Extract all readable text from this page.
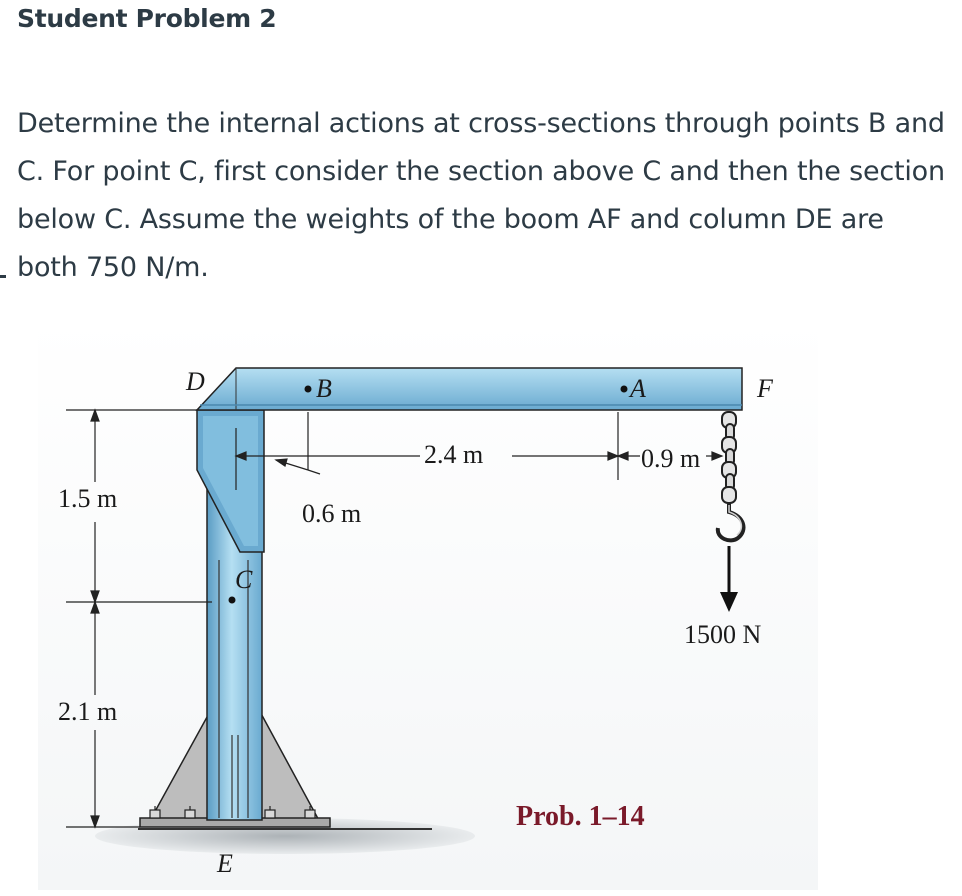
Student Problem 2

Determine the internal actions at cross-sections through points B and C. For point C, first consider the section above C and then the section below C. Assume the weights of the boom AF and column DE are both 750 N/m.

D	B	A	F
C
E
2.4 m	0.9 m
0.6 m
1.5 m
2.1 m
1500 N
Prob. 1–14
